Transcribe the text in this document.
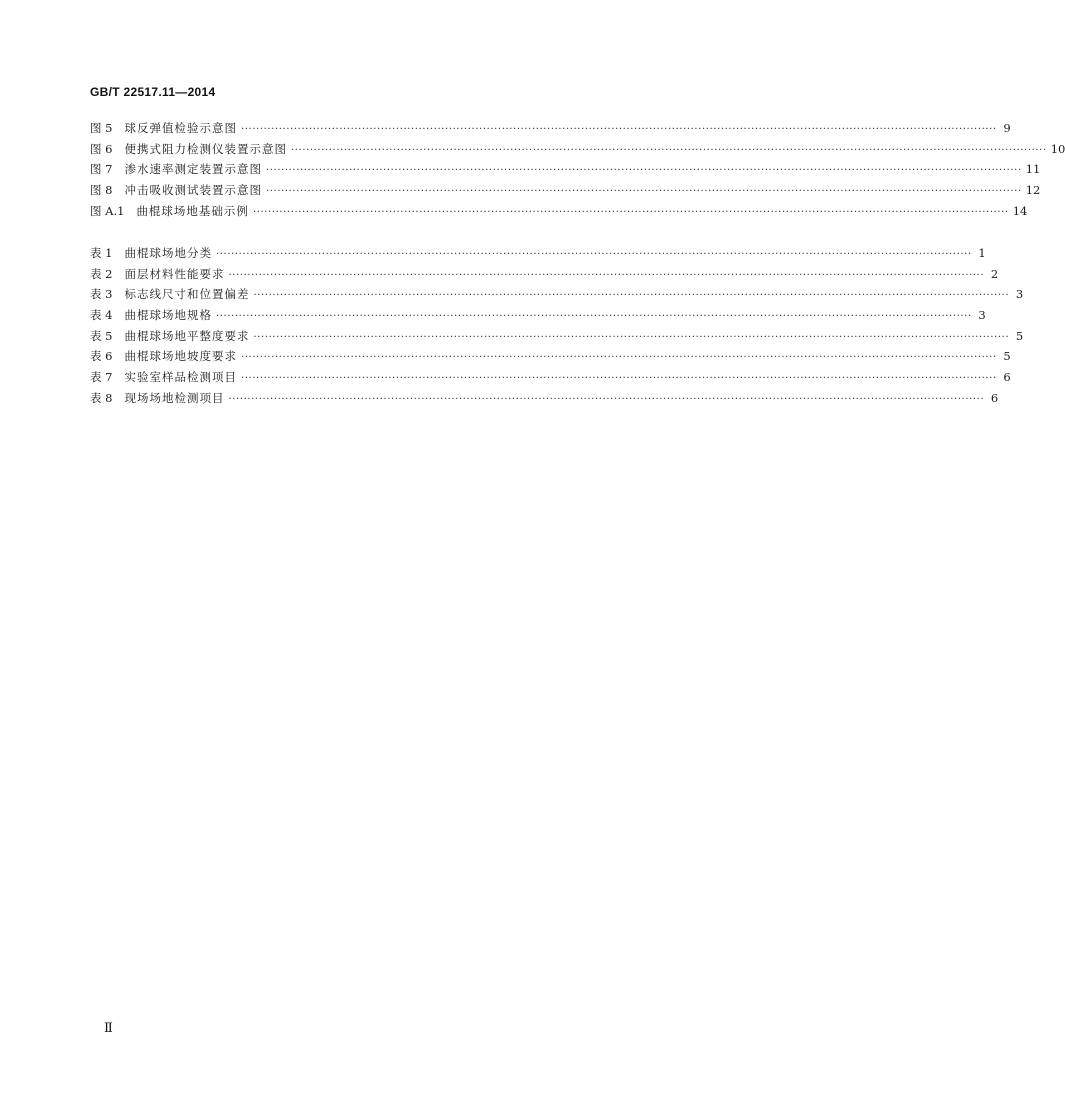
GB/T 22517.11—2014
图 5 球反弹值检验示意图 ········································································································································································································ 9
图 6 便携式阻力检测仪装置示意图 ········································································································································································································ 10
图 7 渗水速率测定装置示意图 ········································································································································································································ 11
图 8 冲击吸收测试装置示意图 ········································································································································································································ 12
图 A.1 曲棍球场地基础示例 ········································································································································································································ 14
表 1 曲棍球场地分类 ········································································································································································································ 1
表 2 面层材料性能要求 ········································································································································································································ 2
表 3 标志线尺寸和位置偏差 ········································································································································································································ 3
表 4 曲棍球场地规格 ········································································································································································································ 3
表 5 曲棍球场地平整度要求 ········································································································································································································ 5
表 6 曲棍球场地坡度要求 ········································································································································································································ 5
表 7 实验室样品检测项目 ········································································································································································································ 6
表 8 现场场地检测项目 ········································································································································································································ 6
Ⅱ
